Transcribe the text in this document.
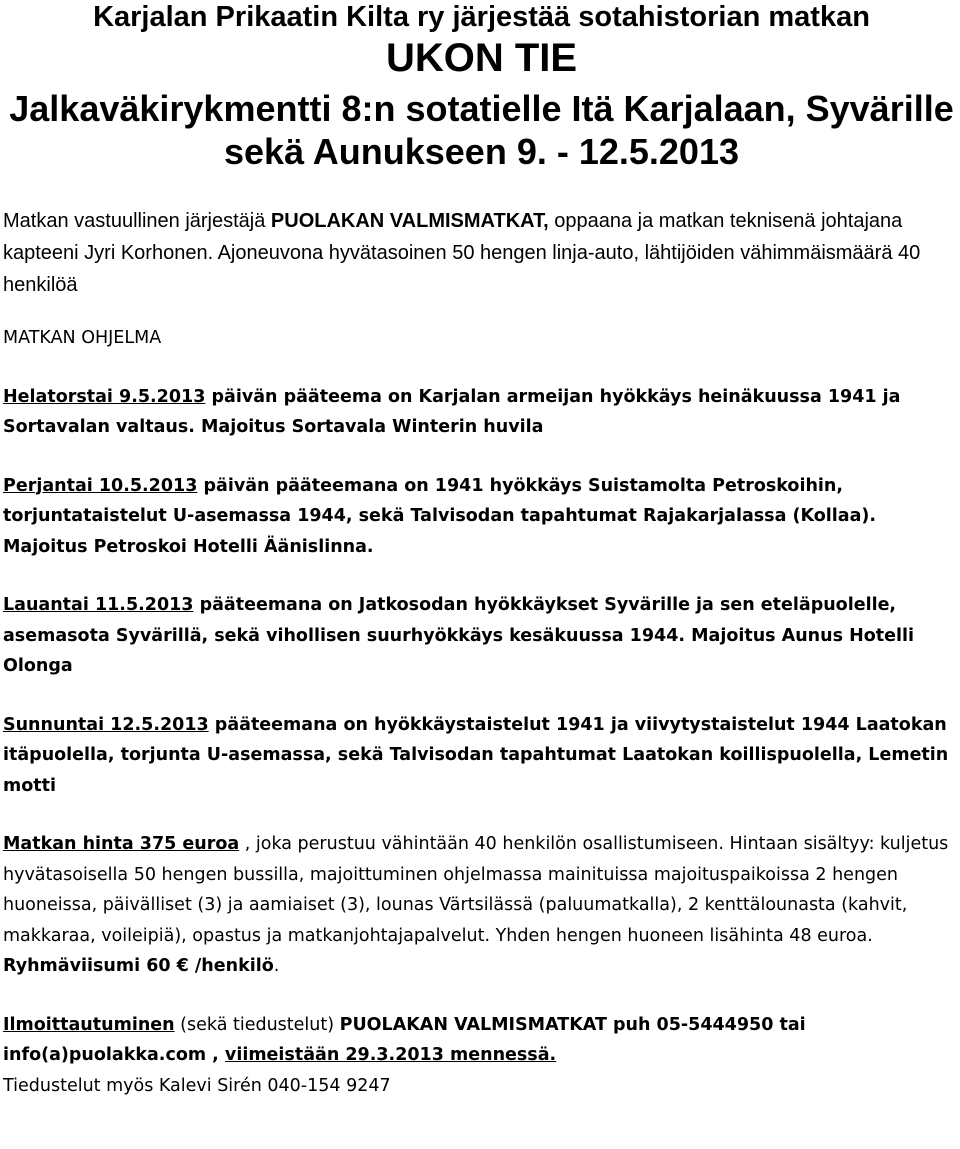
Karjalan Prikaatin Kilta ry järjestää sotahistorian matkan

UKON TIE

Jalkaväkirykmentti 8:n sotatielle Itä Karjalaan, Syvärille

sekä Aunukseen 9. - 12.5.2013

Matkan vastuullinen järjestäjä PUOLAKAN VALMISMATKAT, oppaana ja matkan teknisenä johtajana kapteeni Jyri Korhonen. Ajoneuvona hyvätasoinen 50 hengen linja-auto, lähtijöiden vähimmäismäärä 40 henkilöä

MATKAN OHJELMA

Helatorstai 9.5.2013 päivän pääteema on Karjalan armeijan hyökkäys heinäkuussa 1941 ja Sortavalan valtaus. Majoitus Sortavala Winterin huvila

Perjantai 10.5.2013 päivän pääteemana on 1941 hyökkäys Suistamolta Petroskoihin, torjuntataistelut U-asemassa 1944, sekä Talvisodan tapahtumat Rajakarjalassa (Kollaa). Majoitus Petroskoi Hotelli Äänislinna.

Lauantai 11.5.2013 pääteemana on Jatkosodan hyökkäykset Syvärille ja sen eteläpuolelle, asemasota Syvärillä, sekä vihollisen suurhyökkäys kesäkuussa 1944. Majoitus Aunus Hotelli Olonga

Sunnuntai 12.5.2013 pääteemana on hyökkäystaistelut 1941 ja viivytystaistelut 1944 Laatokan itäpuolella, torjunta U-asemassa, sekä Talvisodan tapahtumat Laatokan koillispuolella, Lemetin motti

Matkan hinta 375 euroa , joka perustuu vähintään 40 henkilön osallistumiseen. Hintaan sisältyy: kuljetus hyvätasoisella 50 hengen bussilla, majoittuminen ohjelmassa mainituissa majoituspaikoissa 2 hengen huoneissa, päivälliset (3) ja aamiaiset (3), lounas Värtsilässä (paluumatkalla), 2 kenttälounasta (kahvit, makkaraa, voileipiä), opastus ja matkanjohtajapalvelut. Yhden hengen huoneen lisähinta 48 euroa.
Ryhmäviisumi 60 € /henkilö.

Ilmoittautuminen (sekä tiedustelut) PUOLAKAN VALMISMATKAT puh 05-5444950 tai info(a)puolakka.com , viimeistään 29.3.2013 mennessä.
Tiedustelut myös Kalevi Sirén 040-154 9247
